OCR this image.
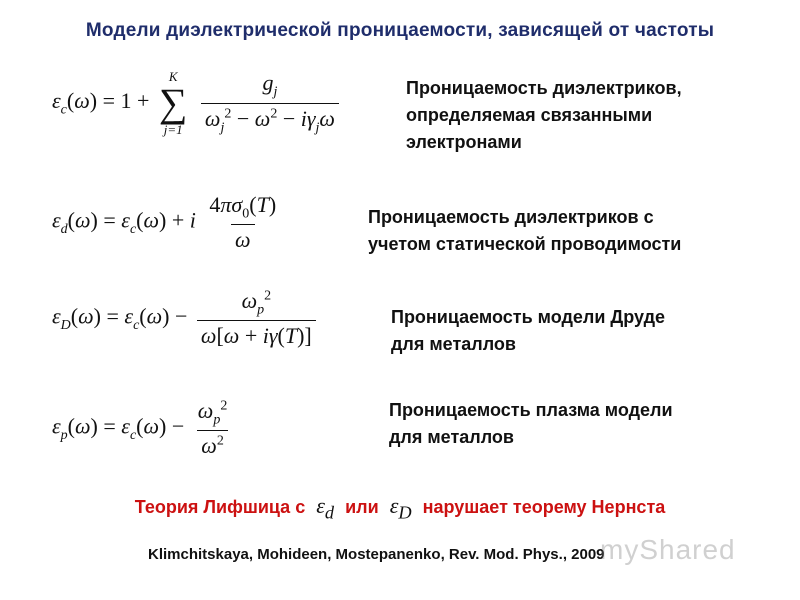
Модели диэлектрической проницаемости, зависящей от частоты
$\varepsilon_c(\omega) = 1$ +
K
∑
j=1
$\frac{g_j}{\omega_j^2 - \omega^2 - i\gamma_j\omega}$	Проницаемость диэлектриков,
определяемая связанными
электронами
$\varepsilon_d(\omega) = \varepsilon_c(\omega) + i \frac{4\pi\sigma_0(T)}{\omega}$	Проницаемость диэлектриков с
учетом статической проводимости
$\varepsilon_D(\omega) = \varepsilon_c(\omega) - \frac{\omega_p^2}{\omega[\omega + i\gamma(T)]}$	Проницаемость модели Друде
для металлов
$\varepsilon_p(\omega) = \varepsilon_c(\omega) - \frac{\omega_p^2}{\omega^2}$	Проницаемость плазма модели
для металлов
Теория Лифшица с $\varepsilon_d$ или $\varepsilon_D$ нарушает теорему Нернста
Klimchitskaya, Mohideen, Mostepanenko, Rev. Mod. Phys., 2009
myShared
